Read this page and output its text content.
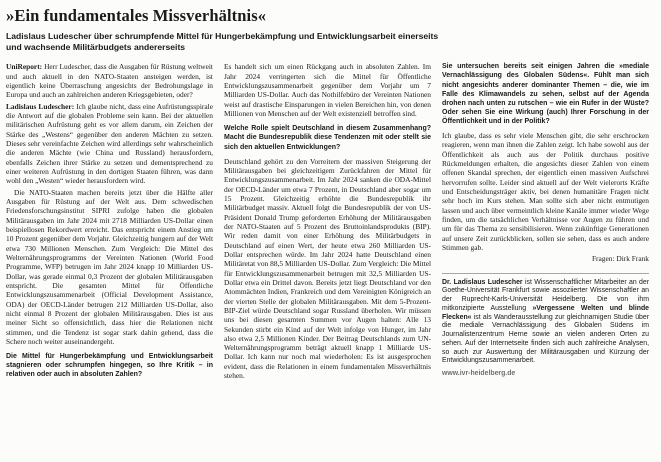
»Ein fundamentales Missverhältnis«
Ladislaus Ludescher über schrumpfende Mittel für Hungerbekämpfung und Entwicklungsarbeit einerseits und wachsende Militärbudgets andererseits

UniReport: Herr Ludescher, dass die Ausgaben für Rüstung weltweit und auch aktuell in den NATO-Staaten ansteigen werden, ist eigentlich keine Überraschung angesichts der Bedrohungslage in Europa und auch an zahlreichen anderen Kriegsgebieten, oder?

Ladislaus Ludescher: Ich glaube nicht, dass eine Aufrüstungsspirale die Antwort auf die globalen Probleme sein kann. Bei der aktuellen militärischen Aufrüstung geht es vor allem darum, ein Zeichen der Stärke des „Westens“ gegenüber den anderen Mächten zu setzen. Dieses sehr vereinfachte Zeichen wird allerdings sehr wahrscheinlich die anderen Mächte (wie China und Russland) herausfordern, ebenfalls Zeichen ihrer Stärke zu setzen und dementsprechend zu einer weiteren Aufrüstung in den dortigen Staaten führen, was dann wohl den „Westen“ wieder herausfordern wird.

Die NATO-Staaten machen bereits jetzt über die Hälfte aller Ausgaben für Rüstung auf der Welt aus. Dem schwedischen Friedensforschungsinstitut SIPRI zufolge haben die globalen Militärausgaben im Jahr 2024 mit 2718 Milliarden US-Dollar einen beispiellosen Rekordwert erreicht. Das entspricht einem Anstieg um 10 Prozent gegenüber dem Vorjahr. Gleichzeitig hungern auf der Welt etwa 730 Millionen Menschen. Zum Vergleich: Die Mittel des Welternährungsprogramms der Vereinten Nationen (World Food Programme, WFP) betrugen im Jahr 2024 knapp 10 Milliarden US-Dollar, was gerade einmal 0,3 Prozent der globalen Militärausgaben entspricht. Die gesamten Mittel für Öffentliche Entwicklungszusammenarbeit (Official Development Assistance, ODA) der OECD-Länder betrugen 212 Milliarden US-Dollar, also nicht einmal 8 Prozent der globalen Militärausgaben. Dies ist aus meiner Sicht so offensichtlich, dass hier die Relationen nicht stimmen, und die Tendenz ist sogar stark dahin gehend, dass die Schere noch weiter auseinandergeht.

Die Mittel für Hungerbekämpfung und Entwicklungsarbeit stagnieren oder schrumpfen hingegen, so Ihre Kritik – in relativen oder auch in absoluten Zahlen?

Es handelt sich um einen Rückgang auch in absoluten Zahlen. Im Jahr 2024 verringerten sich die Mittel für Öffentliche Entwicklungszusammenarbeit gegenüber dem Vorjahr um 7 Milliarden US-Dollar. Auch das Nothilfebüro der Vereinten Nationen weist auf drastische Einsparungen in vielen Bereichen hin, von denen Millionen von Menschen auf der Welt existenziell betroffen sind.

Welche Rolle spielt Deutschland in diesem Zusammenhang? Macht die Bundesrepublik diese Tendenzen mit oder stellt sie sich den aktuellen Entwicklungen?

Deutschland gehört zu den Vorreitern der massiven Steigerung der Militärausgaben bei gleichzeitigem Zurückfahren der Mittel für Entwicklungszusammenarbeit. Im Jahr 2024 sanken die ODA-Mittel der OECD-Länder um etwa 7 Prozent, in Deutschland aber sogar um 15 Prozent. Gleichzeitig erhöhte die Bundesrepublik ihr Militärbudget massiv. Aktuell folgt die Bundesrepublik der von US-Präsident Donald Trump geforderten Erhöhung der Militärausgaben der NATO-Staaten auf 5 Prozent des Bruttoinlandsprodukts (BIP). Wir reden damit von einer Erhöhung des Militärbudgets in Deutschland auf einen Wert, der heute etwa 260 Milliarden US-Dollar entsprechen würde. Im Jahr 2024 hatte Deutschland einen Militäretat von 88,5 Milliarden US-Dollar. Zum Vergleich: Die Mittel für Entwicklungszusammenarbeit betrugen mit 32,5 Milliarden US-Dollar etwa ein Drittel davon. Bereits jetzt liegt Deutschland vor den Atommächten Indien, Frankreich und dem Vereinigten Königreich an der vierten Stelle der globalen Militärausgaben. Mit dem 5-Prozent-BIP-Ziel würde Deutschland sogar Russland überholen. Wir müssen uns bei diesen gesamten Summen vor Augen halten: Alle 13 Sekunden stirbt ein Kind auf der Welt infolge von Hunger, im Jahr also etwa 2,5 Millionen Kinder. Der Beitrag Deutschlands zum UN-Welternährungsprogramm beträgt aktuell knapp 1 Milliarde US-Dollar. Ich kann nur noch mal wiederholen: Es ist ausgesprochen evident, dass die Relationen in einem fundamentalen Missverhältnis stehen.

Sie untersuchen bereits seit einigen Jahren die »mediale Vernachlässigung des Globalen Südens«. Fühlt man sich nicht angesichts anderer dominanter Themen – die, wie im Falle des Klimawandels zu sehen, selbst auf der Agenda drohen nach unten zu rutschen – wie ein Rufer in der Wüste? Oder sehen Sie eine Wirkung (auch) Ihrer Forschung in der Öffentlichkeit und in der Politik?

Ich glaube, dass es sehr viele Menschen gibt, die sehr erschrocken reagieren, wenn man ihnen die Zahlen zeigt. Ich habe sowohl aus der Öffentlichkeit als auch aus der Politik durchaus positive Rückmeldungen erhalten, die angesichts dieser Zahlen von einem offenen Skandal sprechen, der eigentlich einen massiven Aufschrei hervorrufen sollte. Leider sind aktuell auf der Welt vielerorts Kräfte und Entscheidungsträger aktiv, bei denen humanitäre Fragen nicht sehr hoch im Kurs stehen. Man sollte sich aber nicht entmutigen lassen und auch über vermeintlich kleine Kanäle immer wieder Wege finden, um die tatsächlichen Verhältnisse vor Augen zu führen und um für das Thema zu sensibilisieren. Wenn zukünftige Generationen auf unsere Zeit zurückblicken, sollen sie sehen, dass es auch andere Stimmen gab.

Fragen: Dirk Frank

Dr. Ladislaus Ludescher ist Wissenschaftlicher Mitarbeiter an der Goethe-Universität Frankfurt sowie assoziierter Wissenschaftler an der Ruprecht-Karls-Universität Heidelberg. Die von ihm mitkonzipierte Ausstellung »Vergessene Welten und blinde Flecken« ist als Wanderausstellung zur gleichnamigen Studie über die mediale Vernachlässigung des Globalen Südens im Journalistenzentrum Herne sowie an vielen anderen Orten zu sehen. Auf der Internetseite finden sich auch zahlreiche Analysen, so auch zur Auswertung der Militärausgaben und Kürzung der Entwicklungszusammenarbeit.
www.ivr-heidelberg.de
